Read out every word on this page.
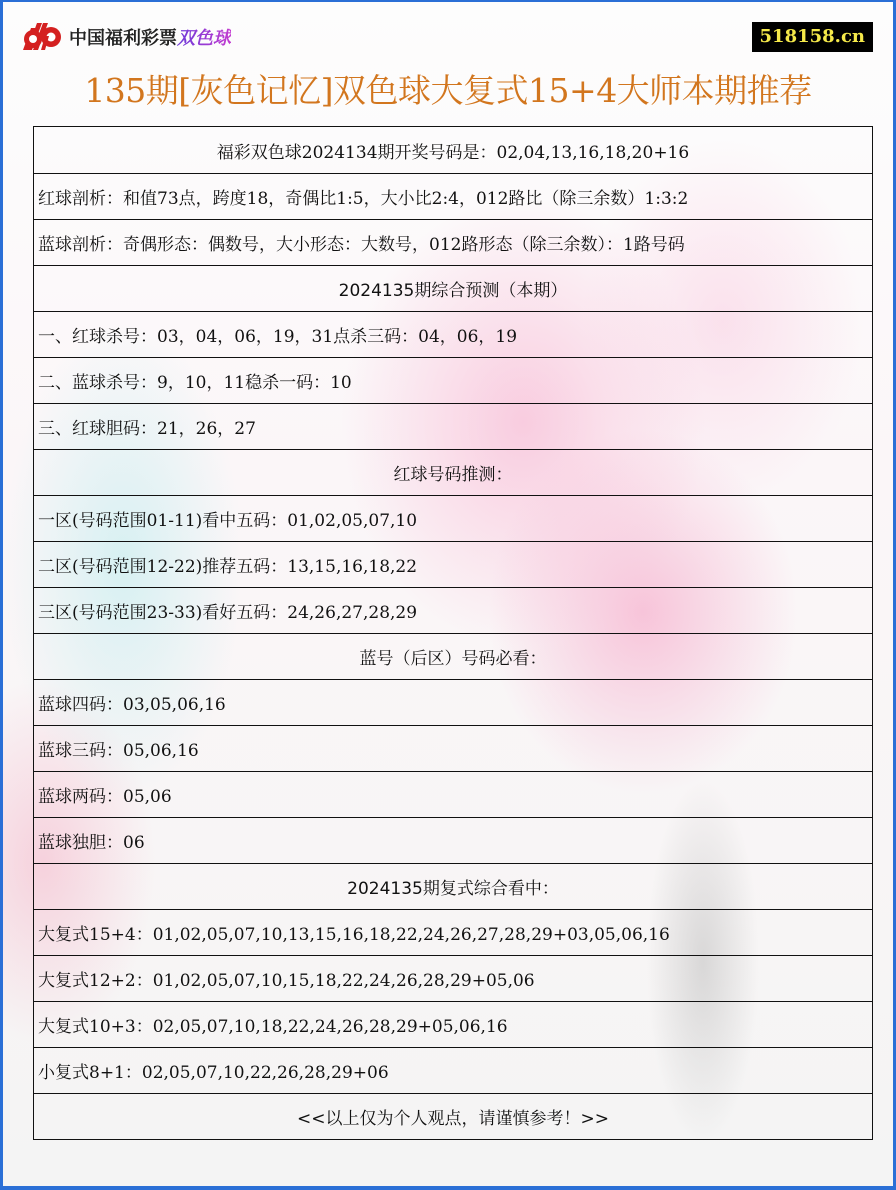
中国福利彩票 双色球	518158.cn
135期[灰色记忆]双色球大复式15+4大师本期推荐
福彩双色球2024134期开奖号码是：02,04,13,16,18,20+16
红球剖析：和值73点，跨度18，奇偶比1:5，大小比2:4，012路比（除三余数）1:3:2
蓝球剖析：奇偶形态：偶数号，大小形态：大数号，012路形态（除三余数）：1路号码
2024135期综合预测（本期）
一、红球杀号：03，04，06，19，31点杀三码：04，06，19
二、蓝球杀号：9，10，11稳杀一码：10
三、红球胆码：21，26，27
红球号码推测：
一区(号码范围01-11)看中五码：01,02,05,07,10
二区(号码范围12-22)推荐五码：13,15,16,18,22
三区(号码范围23-33)看好五码：24,26,27,28,29
蓝号（后区）号码必看：
蓝球四码：03,05,06,16
蓝球三码：05,06,16
蓝球两码：05,06
蓝球独胆：06
2024135期复式综合看中：
大复式15+4：01,02,05,07,10,13,15,16,18,22,24,26,27,28,29+03,05,06,16
大复式12+2：01,02,05,07,10,15,18,22,24,26,28,29+05,06
大复式10+3：02,05,07,10,18,22,24,26,28,29+05,06,16
小复式8+1：02,05,07,10,22,26,28,29+06
<<以上仅为个人观点，请谨慎参考！>>
